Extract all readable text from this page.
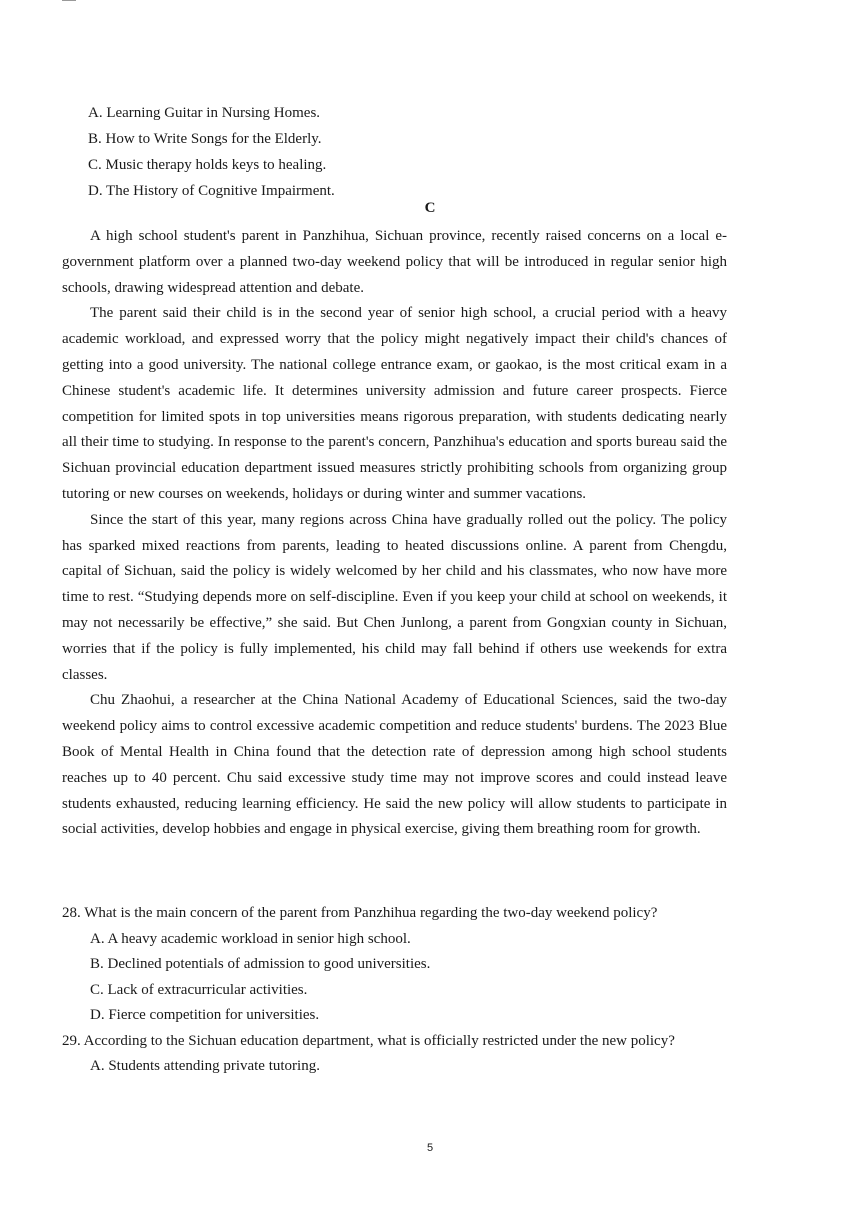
A. Learning Guitar in Nursing Homes.
B. How to Write Songs for the Elderly.
C. Music therapy holds keys to healing.
D. The History of Cognitive Impairment.
C

A high school student's parent in Panzhihua, Sichuan province, recently raised concerns on a local e-government platform over a planned two-day weekend policy that will be introduced in regular senior high schools, drawing widespread attention and debate.

The parent said their child is in the second year of senior high school, a crucial period with a heavy academic workload, and expressed worry that the policy might negatively impact their child's chances of getting into a good university. The national college entrance exam, or gaokao, is the most critical exam in a Chinese student's academic life. It determines university admission and future career prospects. Fierce competition for limited spots in top universities means rigorous preparation, with students dedicating nearly all their time to studying. In response to the parent's concern, Panzhihua's education and sports bureau said the Sichuan provincial education department issued measures strictly prohibiting schools from organizing group tutoring or new courses on weekends, holidays or during winter and summer vacations.

Since the start of this year, many regions across China have gradually rolled out the policy. The policy has sparked mixed reactions from parents, leading to heated discussions online. A parent from Chengdu, capital of Sichuan, said the policy is widely welcomed by her child and his classmates, who now have more time to rest. “Studying depends more on self-discipline. Even if you keep your child at school on weekends, it may not necessarily be effective,” she said. But Chen Junlong, a parent from Gongxian county in Sichuan, worries that if the policy is fully implemented, his child may fall behind if others use weekends for extra classes.

Chu Zhaohui, a researcher at the China National Academy of Educational Sciences, said the two-day weekend policy aims to control excessive academic competition and reduce students' burdens. The 2023 Blue Book of Mental Health in China found that the detection rate of depression among high school students reaches up to 40 percent. Chu said excessive study time may not improve scores and could instead leave students exhausted, reducing learning efficiency. He said the new policy will allow students to participate in social activities, develop hobbies and engage in physical exercise, giving them breathing room for growth.

28. What is the main concern of the parent from Panzhihua regarding the two-day weekend policy?

A. A heavy academic workload in senior high school.

B. Declined potentials of admission to good universities.

C. Lack of extracurricular activities.

D. Fierce competition for universities.

29. According to the Sichuan education department, what is officially restricted under the new policy?

A. Students attending private tutoring.

5
